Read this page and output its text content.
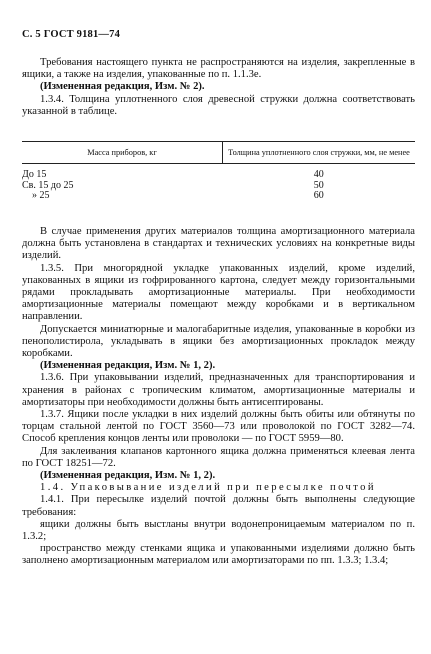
С. 5 ГОСТ 9181—74

Требования настоящего пункта не распространяются на изделия, закрепленные в ящики, а также на изделия, упакованные по п. 1.1.3е.

(Измененная редакция, Изм. № 2).

1.3.4. Толщина уплотненного слоя древесной стружки должна соответствовать указанной в таблице.

Масса приборов, кг	Толщина уплотненного слоя стружки, мм, не менее
До 15	40
Св. 15 до 25	50
» 25	60

В случае применения других материалов толщина амортизационного материала должна быть установлена в стандартах и технических условиях на конкретные виды изделий.

1.3.5. При многорядной укладке упакованных изделий, кроме изделий, упакованных в ящики из гофрированного картона, следует между горизонтальными рядами прокладывать амортизационные материалы. При необходимости амортизационные материалы помещают между коробками и в вертикальном направлении.

Допускается миниатюрные и малогабаритные изделия, упакованные в коробки из пенополистирола, укладывать в ящики без амортизационных прокладок между коробками.

(Измененная редакция, Изм. № 1, 2).

1.3.6. При упаковывании изделий, предназначенных для транспортирования и хранения в районах с тропическим климатом, амортизационные материалы и амортизаторы при необходимости должны быть антисептированы.

1.3.7. Ящики после укладки в них изделий должны быть обиты или обтянуты по торцам стальной лентой по ГОСТ 3560—73 или проволокой по ГОСТ 3282—74. Способ крепления концов ленты или проволоки — по ГОСТ 5959—80.

Для заклеивания клапанов картонного ящика должна применяться клеевая лента по ГОСТ 18251—72.

(Измененная редакция, Изм. № 1, 2).

1.4. Упаковывание изделий при пересылке почтой

1.4.1. При пересылке изделий почтой должны быть выполнены следующие требования:

ящики должны быть выстланы внутри водонепроницаемым материалом по п. 1.3.2;

пространство между стенками ящика и упакованными изделиями должно быть заполнено амортизационным материалом или амортизаторами по пп. 1.3.3; 1.3.4;
